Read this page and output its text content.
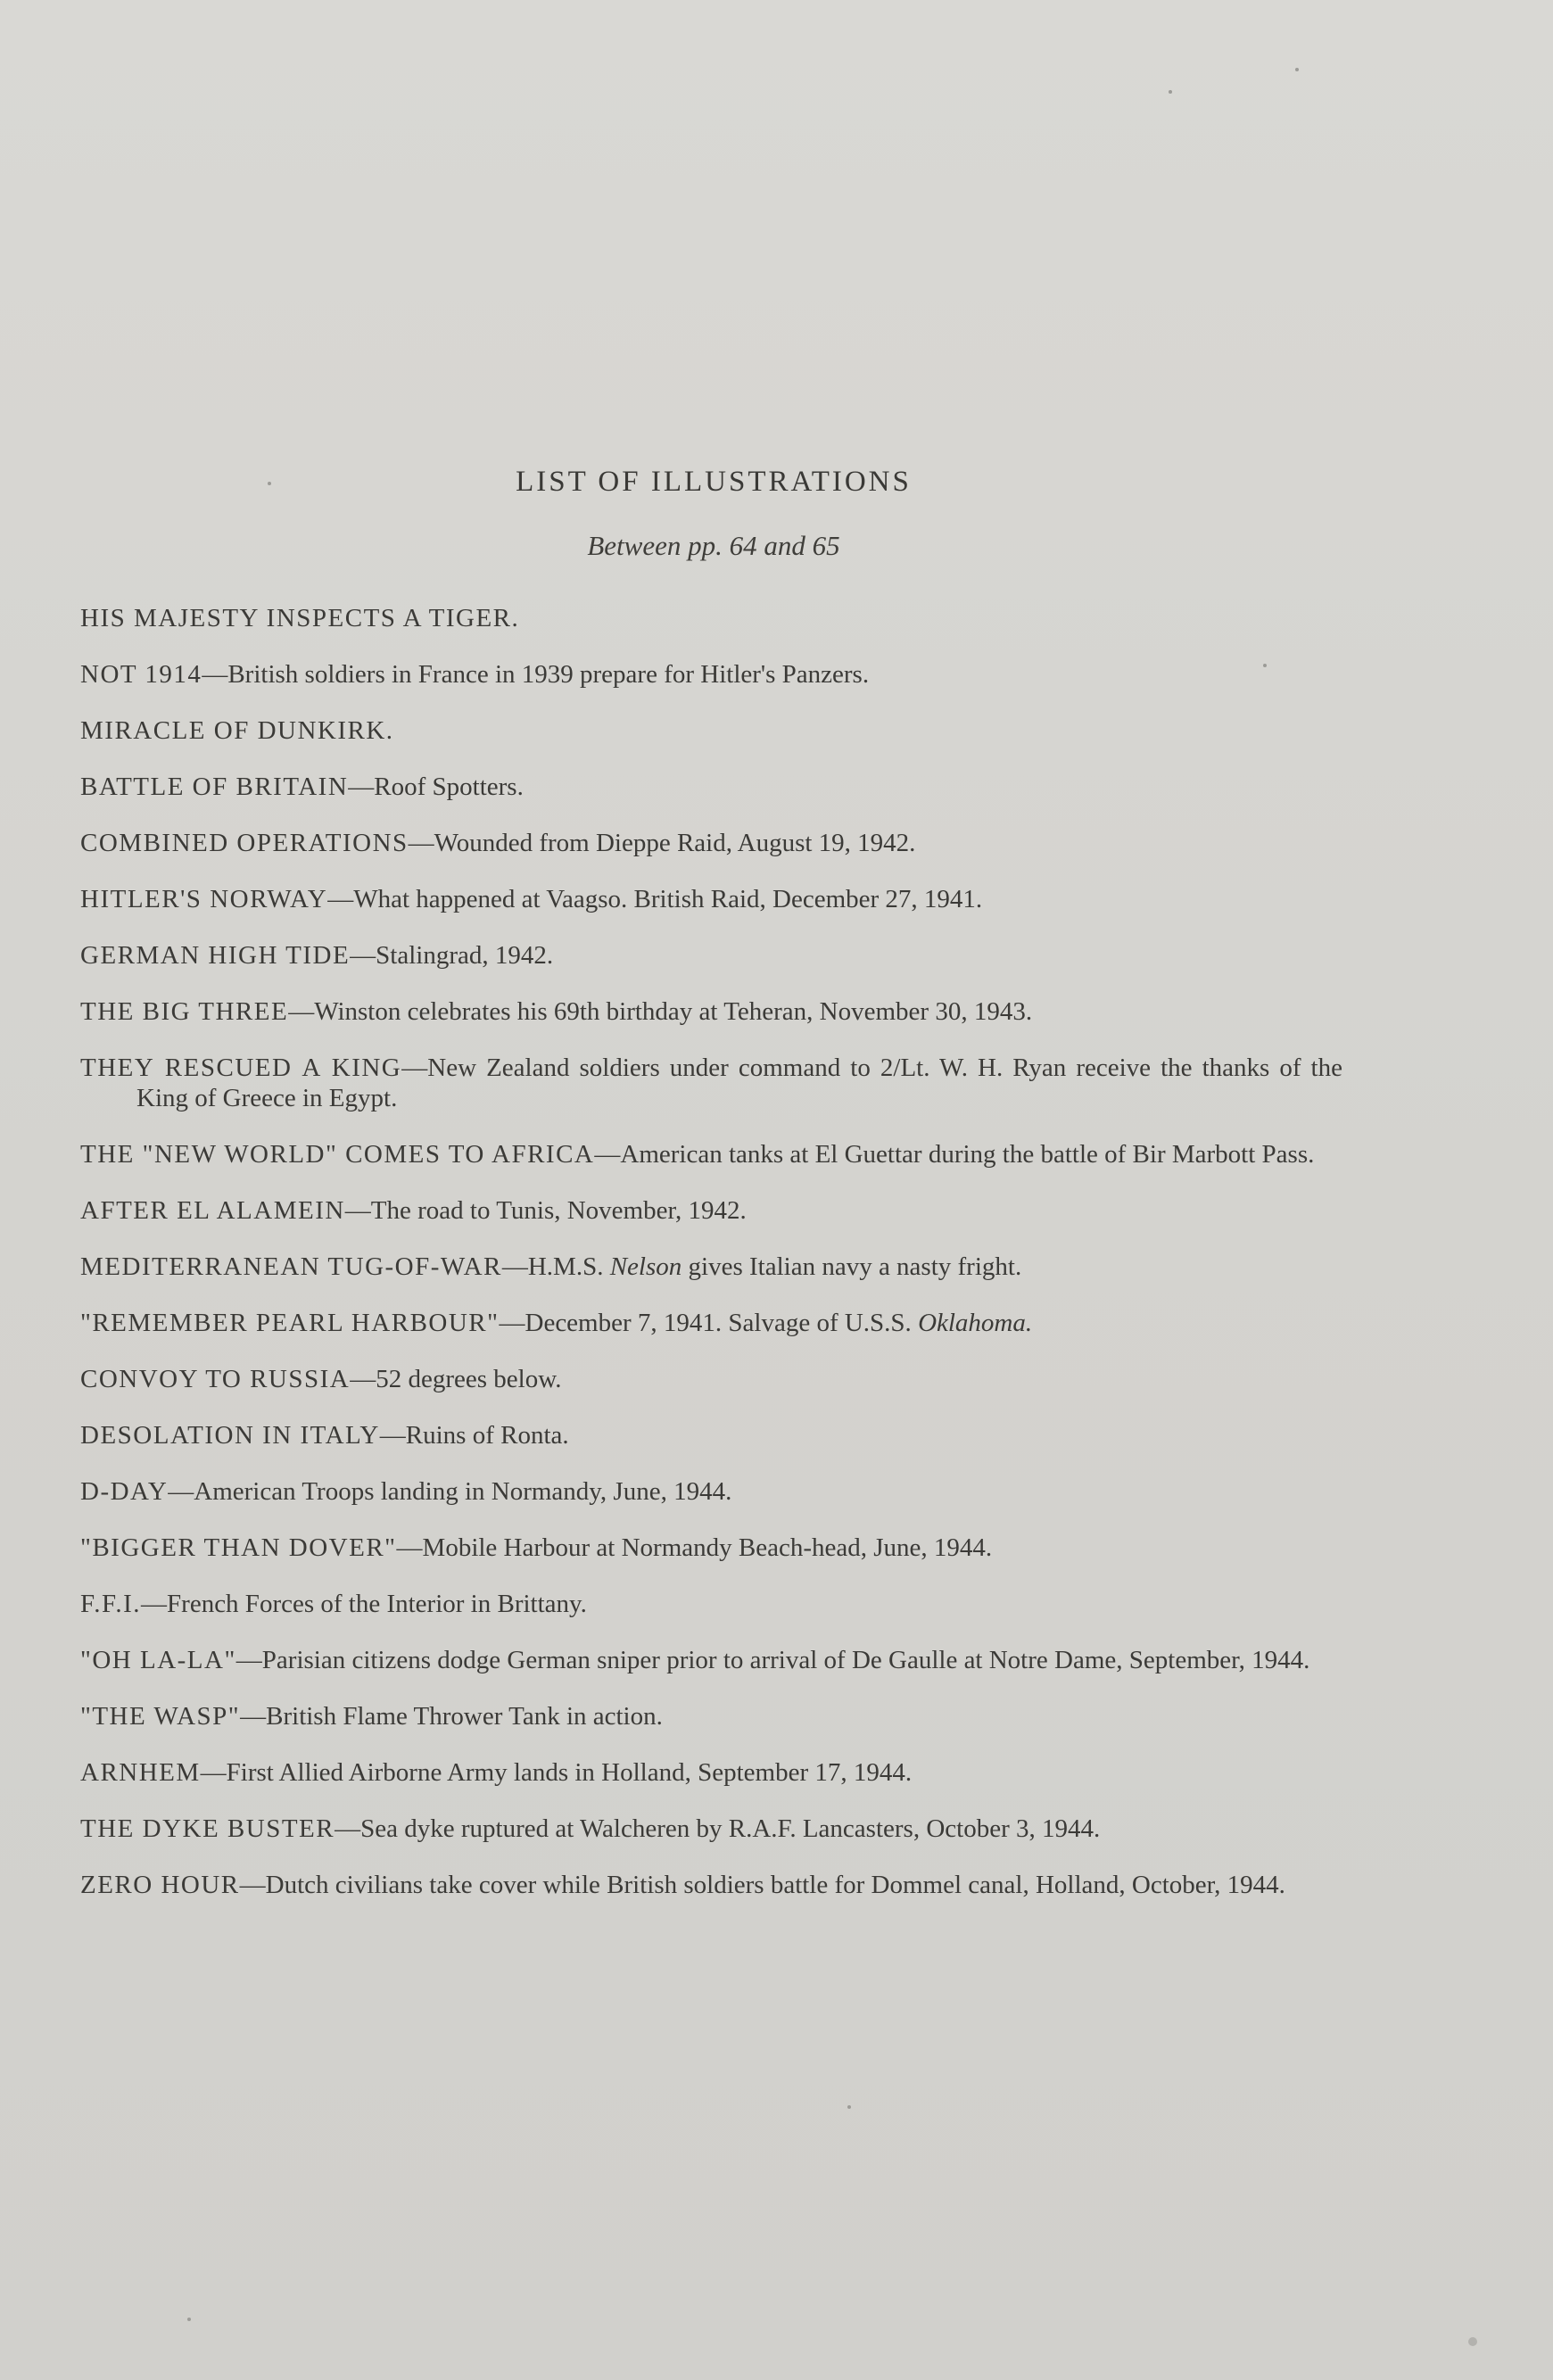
LIST OF ILLUSTRATIONS
Between pp. 64 and 65
HIS MAJESTY INSPECTS A TIGER.
NOT 1914—British soldiers in France in 1939 prepare for Hitler's Panzers.
MIRACLE OF DUNKIRK.
BATTLE OF BRITAIN—Roof Spotters.
COMBINED OPERATIONS—Wounded from Dieppe Raid, August 19, 1942.
HITLER'S NORWAY—What happened at Vaagso. British Raid, December 27, 1941.
GERMAN HIGH TIDE—Stalingrad, 1942.
THE BIG THREE—Winston celebrates his 69th birthday at Teheran, November 30, 1943.
THEY RESCUED A KING—New Zealand soldiers under command to 2/Lt. W. H. Ryan receive the thanks of the King of Greece in Egypt.
THE "NEW WORLD" COMES TO AFRICA—American tanks at El Guettar during the battle of Bir Marbott Pass.
AFTER EL ALAMEIN—The road to Tunis, November, 1942.
MEDITERRANEAN TUG-OF-WAR—H.M.S. Nelson gives Italian navy a nasty fright.
"REMEMBER PEARL HARBOUR"—December 7, 1941. Salvage of U.S.S. Oklahoma.
CONVOY TO RUSSIA—52 degrees below.
DESOLATION IN ITALY—Ruins of Ronta.
D-DAY—American Troops landing in Normandy, June, 1944.
"BIGGER THAN DOVER"—Mobile Harbour at Normandy Beach-head, June, 1944.
F.F.I.—French Forces of the Interior in Brittany.
"OH LA-LA"—Parisian citizens dodge German sniper prior to arrival of De Gaulle at Notre Dame, September, 1944.
"THE WASP"—British Flame Thrower Tank in action.
ARNHEM—First Allied Airborne Army lands in Holland, September 17, 1944.
THE DYKE BUSTER—Sea dyke ruptured at Walcheren by R.A.F. Lancasters, October 3, 1944.
ZERO HOUR—Dutch civilians take cover while British soldiers battle for Dommel canal, Holland, October, 1944.
